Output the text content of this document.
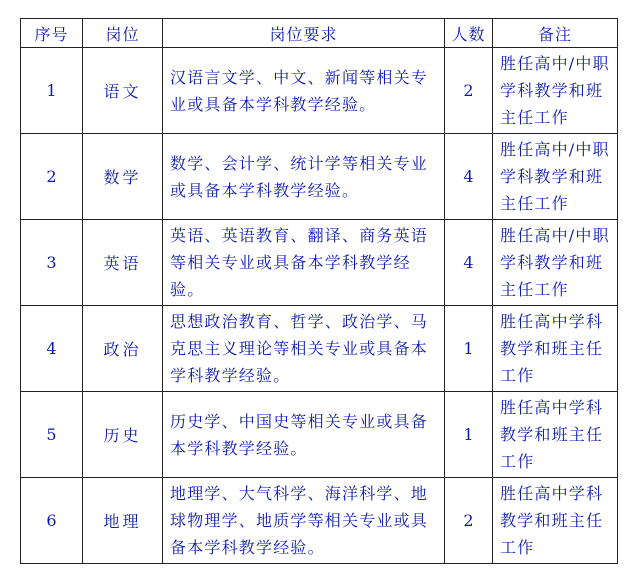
序号	岗位	岗位要求	人数	备注
1	语文	汉语言文学、中文、新闻等相关专业或具备本学科教学经验。	2	胜任高中/中职学科教学和班主任工作
2	数学	数学、会计学、统计学等相关专业或具备本学科教学经验。	4	胜任高中/中职学科教学和班主任工作
3	英语	英语、英语教育、翻译、商务英语等相关专业或具备本学科教学经验。	4	胜任高中/中职学科教学和班主任工作
4	政治	思想政治教育、哲学、政治学、马克思主义理论等相关专业或具备本学科教学经验。	1	胜任高中学科教学和班主任工作
5	历史	历史学、中国史等相关专业或具备本学科教学经验。	1	胜任高中学科教学和班主任工作
6	地理	地理学、大气科学、海洋科学、地球物理学、地质学等相关专业或具备本学科教学经验。	2	胜任高中学科教学和班主任工作
